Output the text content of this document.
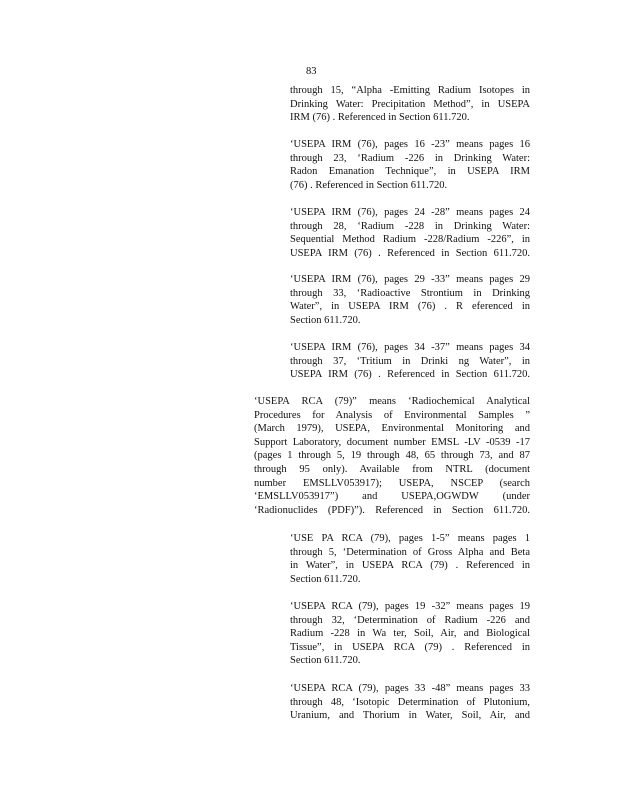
83
through 15, “Alpha -Emitting Radium Isotopes in
Drinking Water: Precipitation Method”, in USEPA
IRM (76) . Referenced in Section 611.720.
‘USEPA IRM (76), pages 16 -23” means pages 16
through 23, ‘Radium -226 in Drinking Water:
Radon Emanation Technique”, in USEPA IRM
(76) . Referenced in Section 611.720.
‘USEPA IRM (76), pages 24 -28” means pages 24
through 28, ‘Radium -228 in Drinking Water:
Sequential Method Radium -228/Radium -226”, in
USEPA IRM (76) . Referenced in Section 611.720.
‘USEPA IRM (76), pages 29 -33” means pages 29
through 33, ‘Radioactive Strontium in Drinking
Water”, in USEPA IRM (76) . R eferenced in
Section 611.720.
‘USEPA IRM (76), pages 34 -37” means pages 34
through 37, ‘Tritium in Drinki ng Water”, in
USEPA IRM (76) . Referenced in Section 611.720.
‘USEPA RCA (79)” means ‘Radiochemical Analytical
Procedures for Analysis of Environmental Samples ”
(March 1979), USEPA, Environmental Monitoring and
Support Laboratory, document number EMSL -LV -0539 -17
(pages 1 through 5, 19 through 48, 65 through 73, and 87
through 95 only). Available from NTRL (document
number EMSLLV053917); USEPA, NSCEP (search
‘EMSLLV053917”) and USEPA,OGWDW (under
‘Radionuclides (PDF)”). Referenced in Section 611.720.
‘USE PA RCA (79), pages 1-5” means pages 1
through 5, ‘Determination of Gross Alpha and Beta
in Water”, in USEPA RCA (79) . Referenced in
Section 611.720.
‘USEPA RCA (79), pages 19 -32” means pages 19
through 32, ‘Determination of Radium -226 and
Radium -228 in Wa ter, Soil, Air, and Biological
Tissue”, in USEPA RCA (79) . Referenced in
Section 611.720.
‘USEPA RCA (79), pages 33 -48” means pages 33
through 48, ‘Isotopic Determination of Plutonium,
Uranium, and Thorium in Water, Soil, Air, and
